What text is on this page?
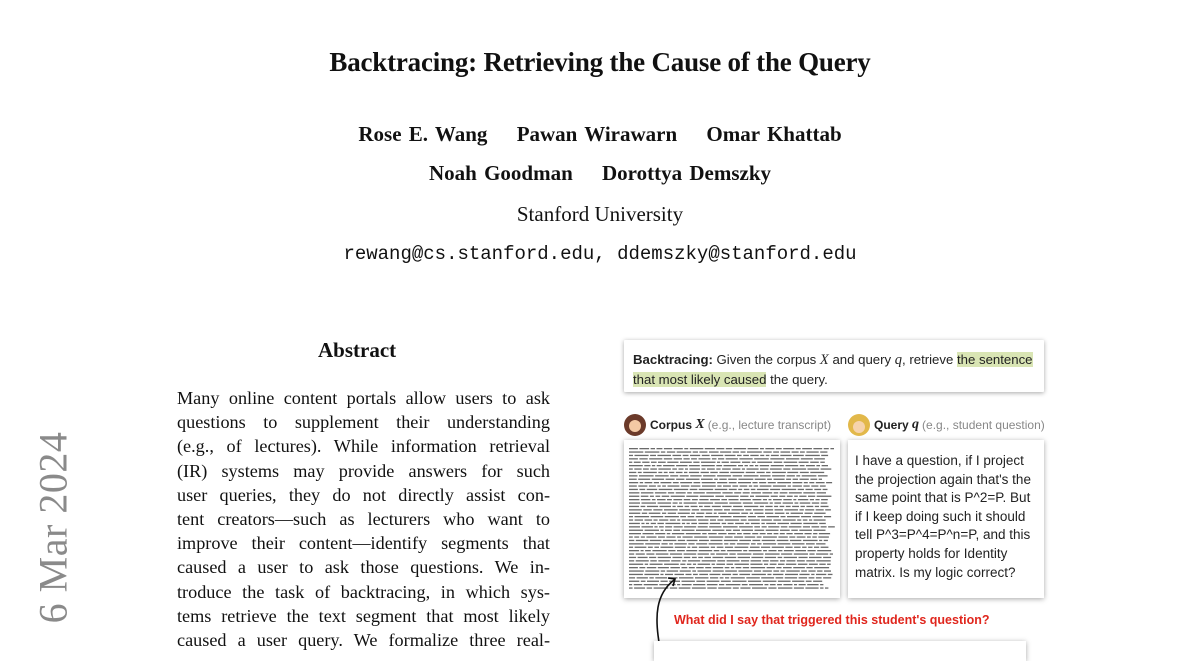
6 Mar 2024
Backtracing: Retrieving the Cause of the Query
Rose E. Wang Pawan Wirawarn Omar Khattab
Noah Goodman Dorottya Demszky
Stanford University
rewang@cs.stanford.edu, ddemszky@stanford.edu
Abstract
Many online content portals allow users to ask
questions to supplement their understanding
(e.g., of lectures). While information retrieval
(IR) systems may provide answers for such
user queries, they do not directly assist con-
tent creators—such as lecturers who want to
improve their content—identify segments that
caused a user to ask those questions. We in-
troduce the task of backtracing, in which sys-
tems retrieve the text segment that most likely
caused a user query. We formalize three real-
Backtracing: Given the corpus X and query q, retrieve the sentence
that most likely caused the query.
Corpus
X (e.g., lecture transcript)	Query
q (e.g., student question)
I have a question, if I project the projection again that's the same point that is P^2=P. But if I keep doing such it should tell P^3=P^4=P^n=P, and this property holds for Identity matrix. Is my logic correct?
What did I say that triggered this student's question?
